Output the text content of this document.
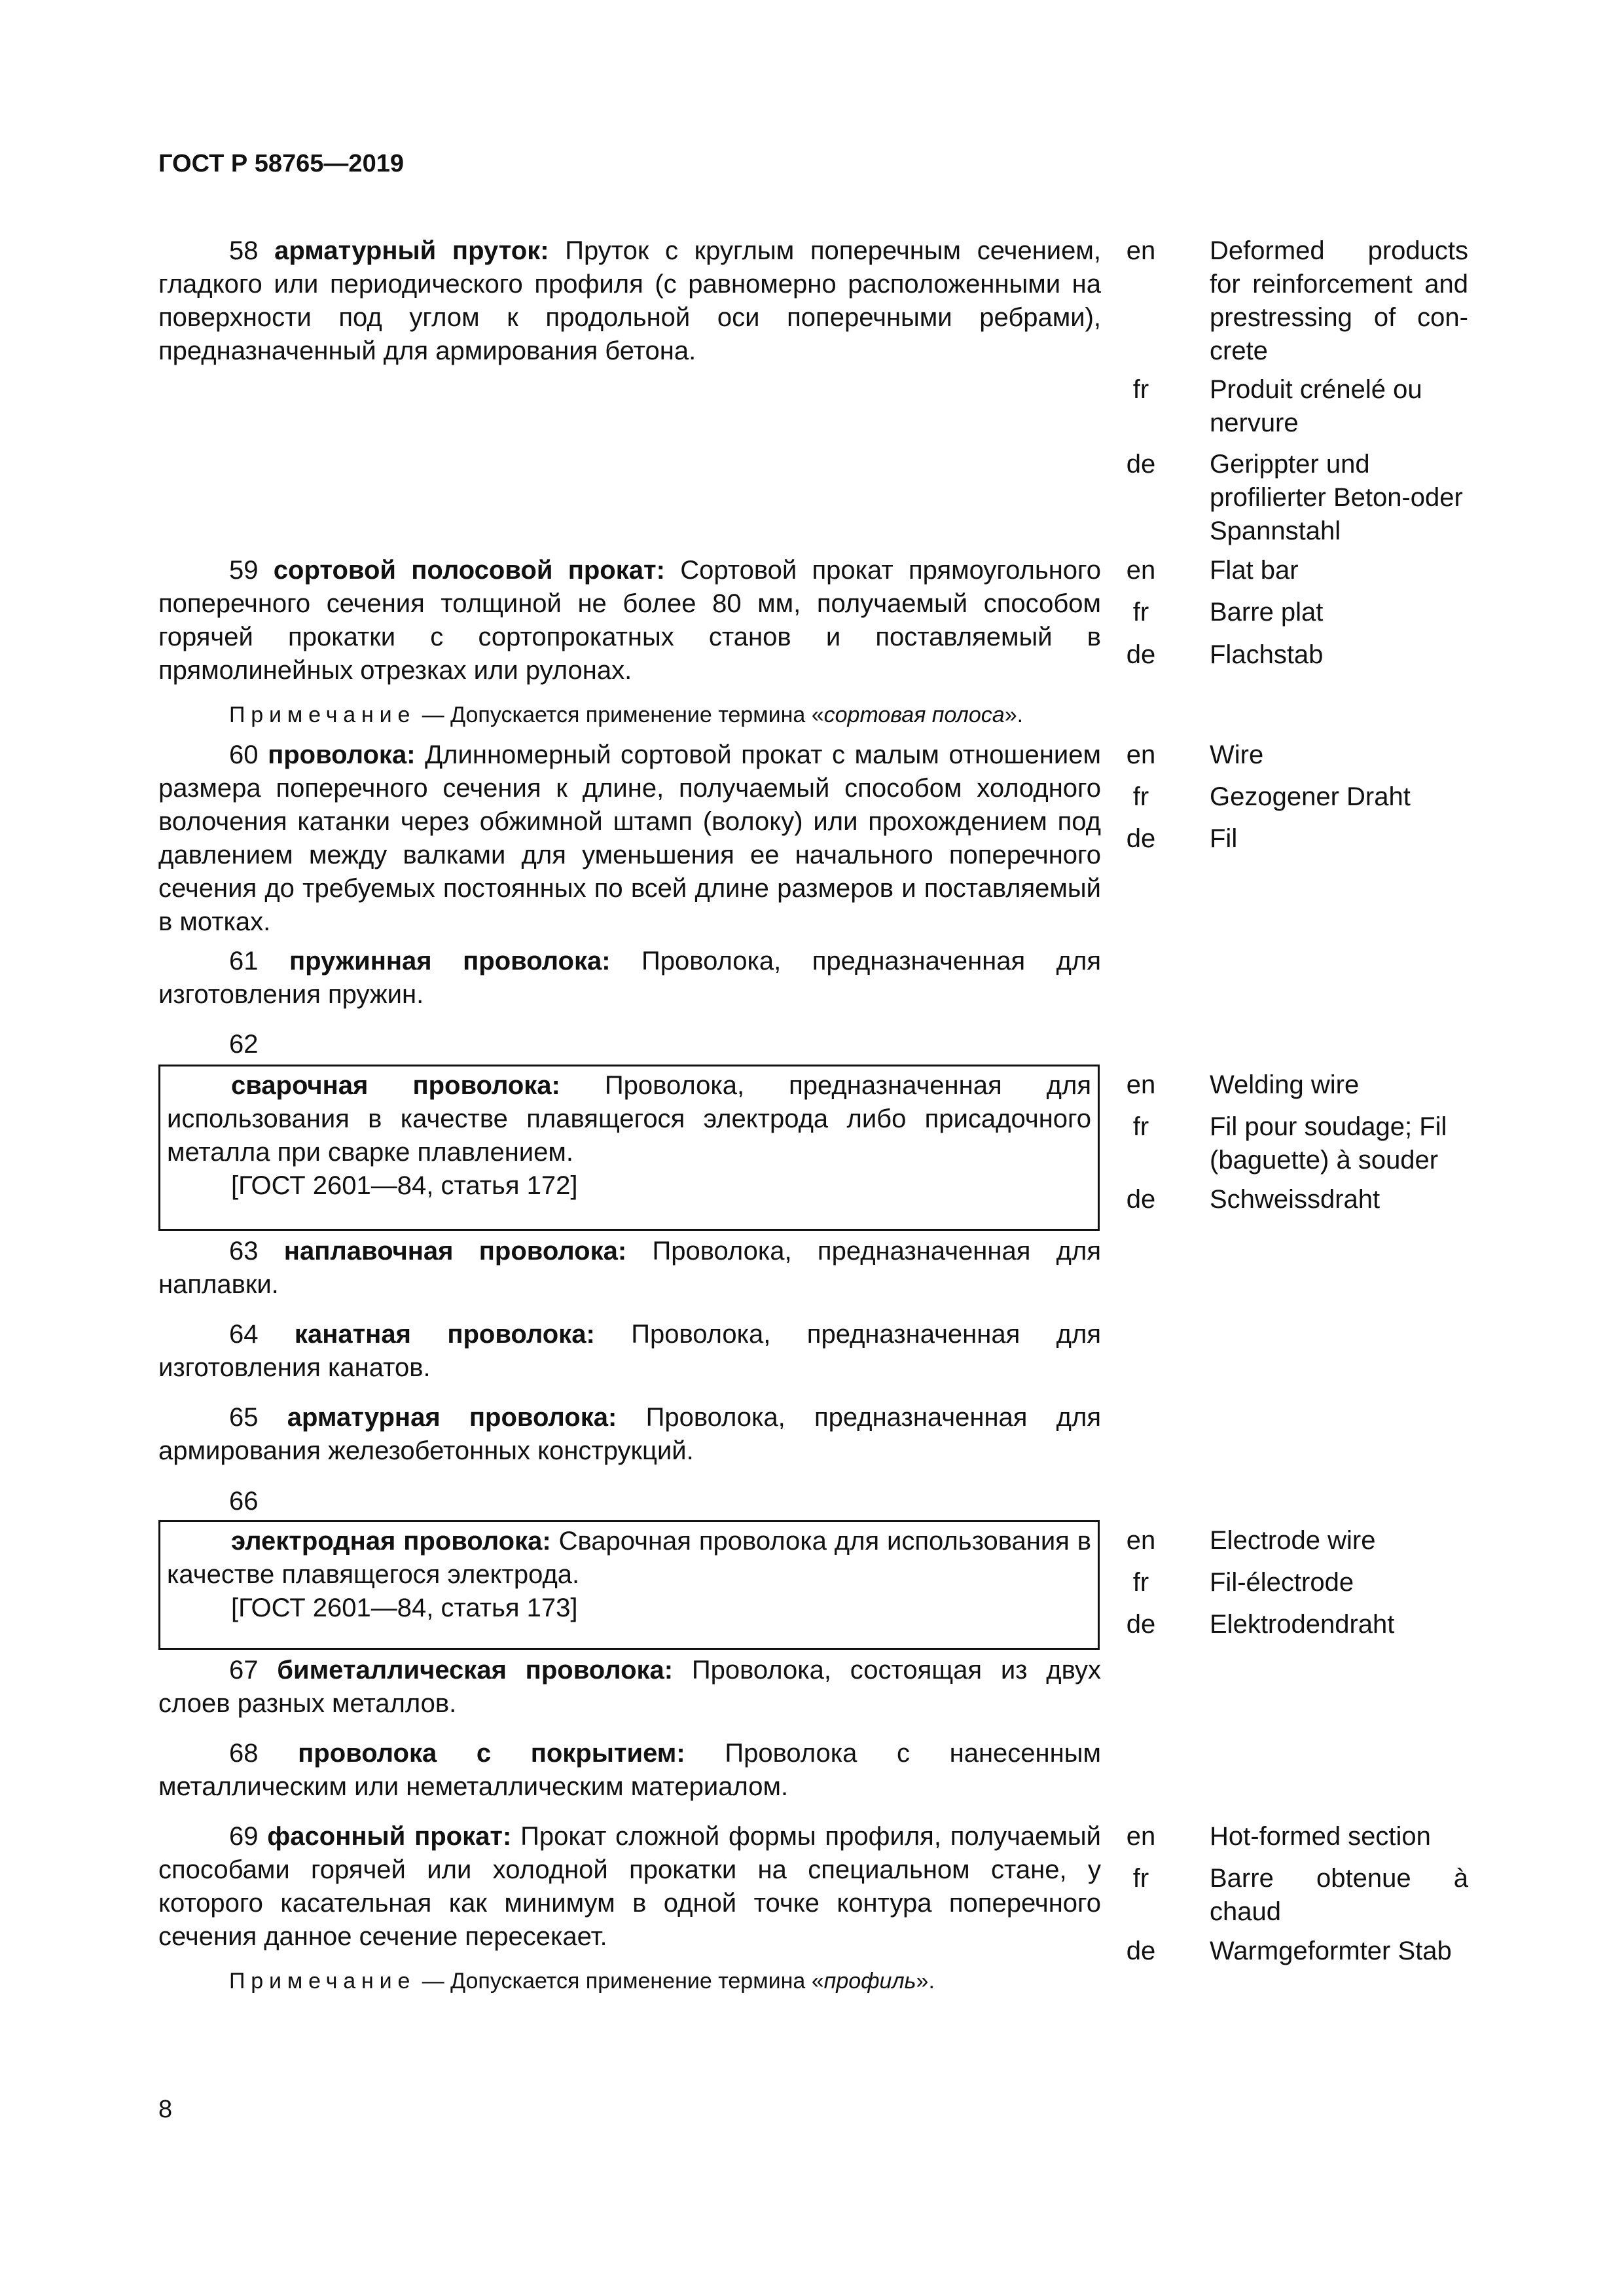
ГОСТ Р 58765—2019
58 арматурный пруток: Пруток с круглым поперечным сечением, гладкого или периодического профиля (с равномерно расположенными на поверхности под углом к продольной оси поперечными ребрами), предназначенный для армирования бетона.
en Deformed products for reinforcement and prestressing of con-crete
fr	Produit crénelé ou nervure
de Gerippter und profilierter Beton-oder Spannstahl
59 сортовой полосовой прокат: Сортовой прокат прямоугольного поперечного сечения толщиной не более 80 мм, получаемый способом горячей прокатки с сортопрокатных станов и поставляемый в прямолинейных отрезках или рулонах.
Примечание — Допускается применение термина «сортовая полоса».
en Flat bar
fr	Barre plat
de Flachstab
60 проволока: Длинномерный сортовой прокат с малым отношением размера поперечного сечения к длине, получаемый способом холодного волочения катанки через обжимной штамп (волоку) или прохождением под давлением между валками для уменьшения ее начального поперечного сечения до требуемых постоянных по всей длине размеров и поставляемый в мотках.
en Wire
fr	Gezogener Draht
de Fil
61 пружинная проволока: Проволока, предназначенная для изготовления пружин.
62
сварочная проволока: Проволока, предназначенная для использования в качестве плавящегося электрода либо присадочного металла при сварке плавлением.
[ГОСТ 2601—84, статья 172]
en Welding wire
fr	Fil pour soudage; Fil (baguette) à souder
de Schweissdraht
63 наплавочная проволока: Проволока, предназначенная для наплавки.
64 канатная проволока: Проволока, предназначенная для изготовления канатов.
65 арматурная проволока: Проволока, предназначенная для армирования железобетонных конструкций.
66
электродная проволока: Сварочная проволока для использования в качестве плавящегося электрода.
[ГОСТ 2601—84, статья 173]
en Electrode wire
fr	Fil-électrode
de Elektrodendraht
67 биметаллическая проволока: Проволока, состоящая из двух слоев разных металлов.
68 проволока с покрытием: Проволока с нанесенным металлическим или неметаллическим материалом.
69 фасонный прокат: Прокат сложной формы профиля, получаемый способами горячей или холодной прокатки на специальном стане, у которого касательная как минимум в одной точке контура поперечного сечения данное сечение пересекает.
Примечание — Допускается применение термина «профиль».
en Hot-formed section
fr	Barre obtenue à chaud
de Warmgeformter Stab
8
